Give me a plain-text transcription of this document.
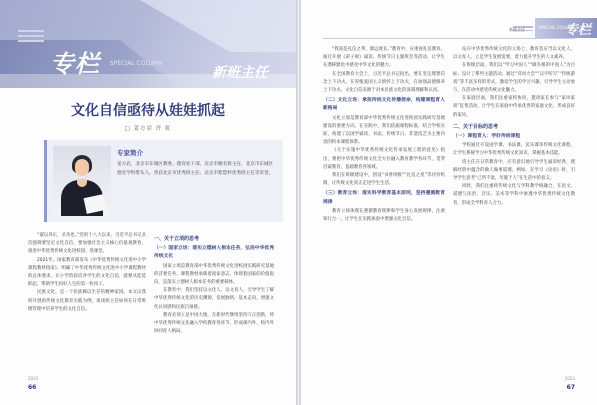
专栏 SPECIAL COLUMN
新班主任
文化自信亟待从娃娃抓起
□ 姜方岩 许 虹
专家简介
姜方岩，北京市东城区教委、德育处干部、北京市级名班主任，北京市东城区德育学科带头人。曾获北京市优秀班主任、北京市紫禁杯优秀班主任等荣誉。

“蒙以养正，圣功也。”党的十八大以来，习近平总书记多次强调要坚定文化自信，要加强社会主义核心价值观教育，推进中华优秀传统文化进校园、进课堂。

2021年，国家教育部发布《中华优秀传统文化进中小学课程教材指南》，明确了中华优秀传统文化进中小学课程教材的总体要求。在小学阶段培养学生的文化自信，就要从娃娃抓起，帮助学生扣好人生的第一粒扣子。

民族文化，是一个民族赖以生存的精神家园。本文以我校开展的传统文化教育实践为例，谈谈班主任如何在日常班级管理中培养学生的文化自信。

一、关于立项的思考
（一）国家立场：落实立德树人根本任务，弘扬中华优秀传统文化

国家立场是教育部中华优秀传统文化进校园实践研究基地的首要任务。课程教材承载着国家意志，体现着国家的价值取向，是落实立德树人根本任务的重要载体。

在教育中，我们坚持以文化人、以文育人，引导学生了解中华优秀传统文化的历史渊源、发展脉络、基本走向，增强文化认同感和民族自豪感。

教育必须立足中国大地，在新时代继续坚持守正创新，将中华优秀传统文化融入学校教育各环节，形成课内外、校内外协同育人格局。

2022
66
新班主任	SPECIAL COLUMN
专栏

“我国是礼仪之邦，源远流长。”教育中，应重视礼仪教育。通过开展《弟子规》诵读、传统节日主题班会等活动，让学生在潜移默化中感受中华文化的魅力。

在全国教育大会上，习近平总书记指出，要在坚定理想信念上下功夫，在厚植爱国主义情怀上下功夫，在加强品德修养上下功夫。文化自信来源于对本民族文化的深刻理解和认同。

（二）文化立场：承担传统文化传播使命，构建课程育人新格局

文化立场是教育部中华优秀传统文化进校园实践研究基地建设的重要方向。在实践中，我们依据课程标准，结合学校实际，构建了以国学诵读、书法、传统节日、非遗技艺为主要内容的校本课程体系。

《关于实施中华优秀传统文化传承发展工程的意见》指出，要把中华优秀传统文化全方位融入教育教学各环节，贯穿启蒙教育、基础教育各领域。

我们在班级建设中，创设“书香班级”“礼仪之星”等评价机制，让传统文化真正走进学生生活。

（三）教育立场：落实科学教育基本原则，坚持遵循教育规律

教育立场体现在遵循教育规律和学生身心发展规律，注重知行合一，让学生在实践体验中增强文化自信。

站在中华优秀传统文化的立场上，教育者应当以文化人、以文育人，立足学生发展需要，着力提升学生的人文素养。

在班级层面，我们以“学习中国人”“做有根的中国人”为目标，设计了系列主题活动。通过“诗词大会”“汉字听写”“传统游戏”等丰富多样的形式，激发学生的学习兴趣，引导学生主动参与，在活动中感受传统文化魅力。

在家庭层面，我们注重家校协同，邀请家长参与“家风家训”征集活动，让学生在家庭中传承优秀的家庭文化，形成良好的家风。

二、关于目标的思考
（一）课程育人：学好传统课程

学校通过开设国学课、书法课、民乐课等传统文化课程，让学生系统学习中华优秀传统文化知识，掌握基本技能。

班主任在日常教育中，应有意识地引导学生诵读经典，理解经典中蕴含的做人做事道理。例如，在学习《论语》时，引导学生思考“己所不欲，勿施于人”在生活中的意义。

同时，我们注重将传统文化与学科教学相融合，在语文、道德与法治、音乐、美术等学科中渗透中华优秀传统文化教育，形成全学科育人合力。

2022
67
